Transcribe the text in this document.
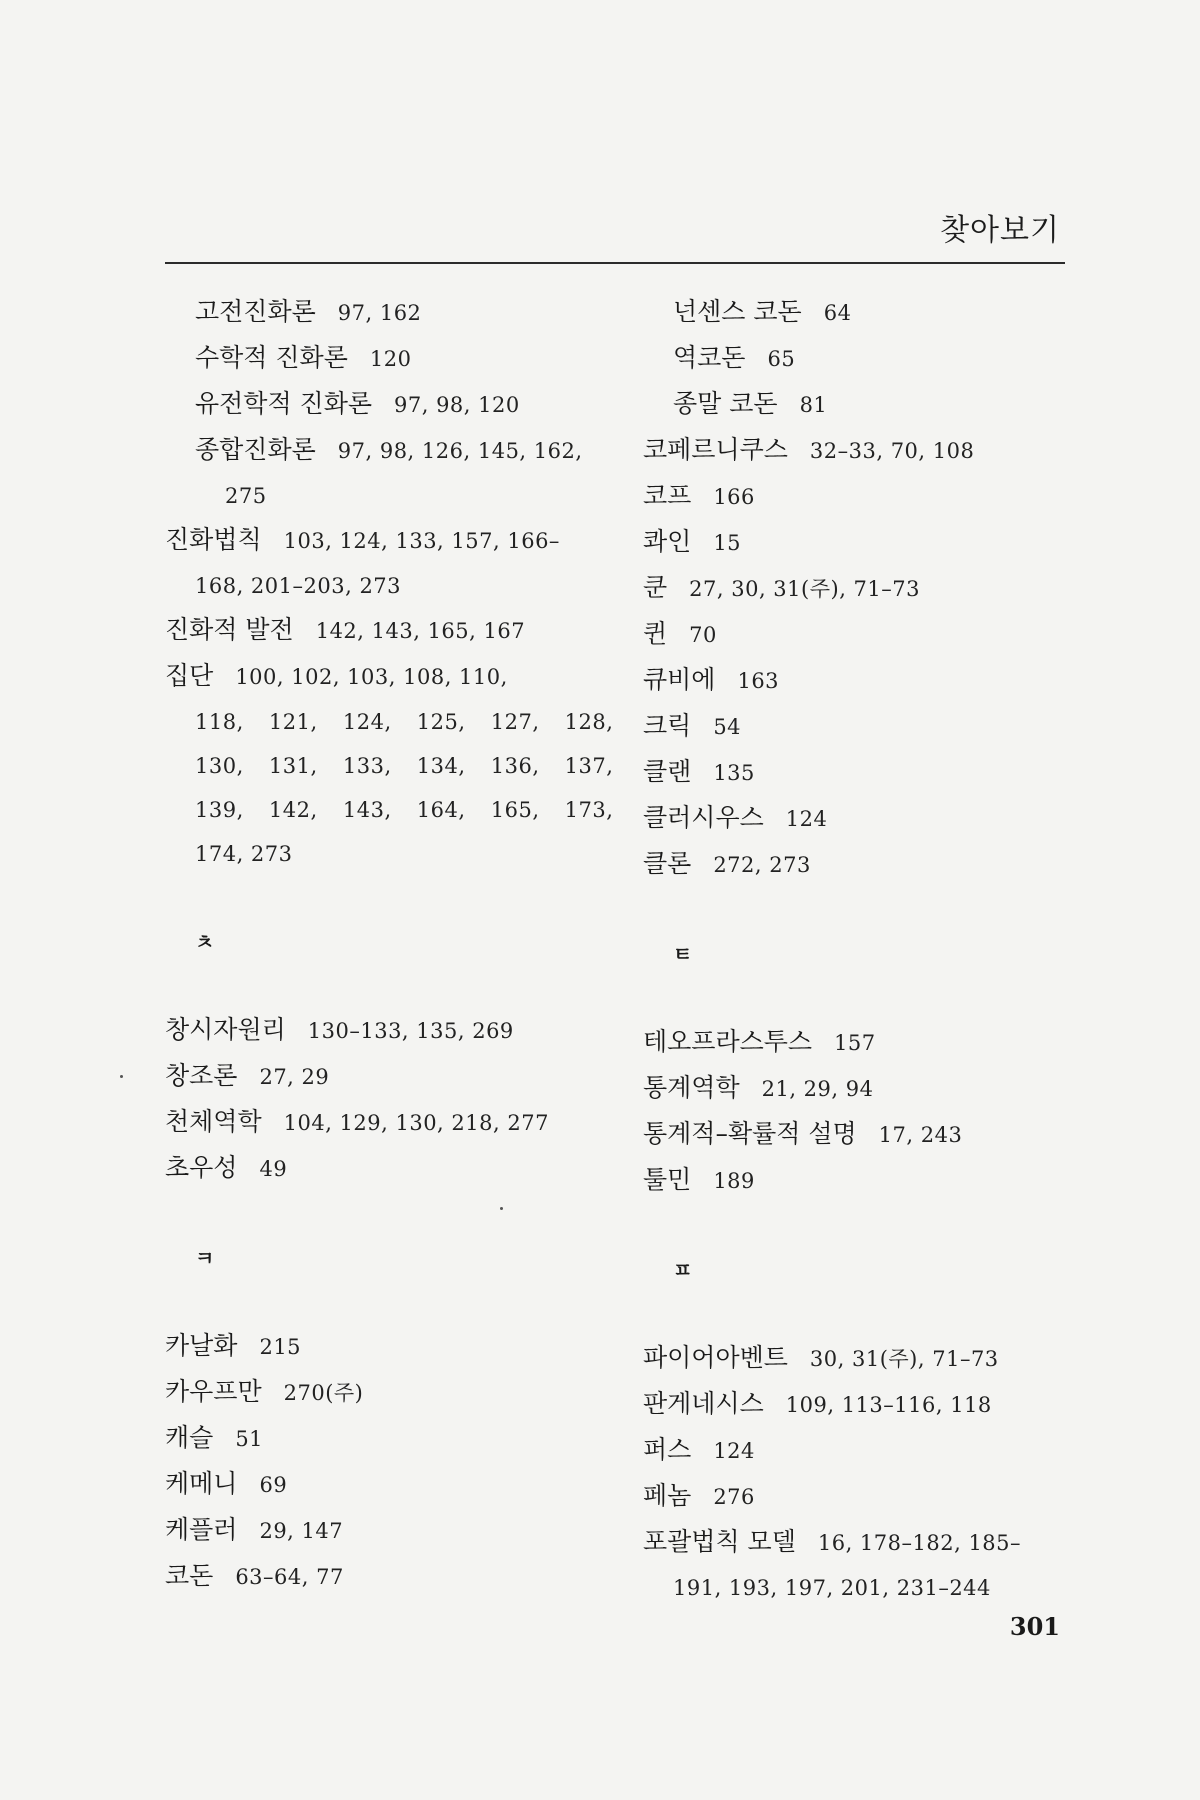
찾아보기
고전진화론 97, 162
수학적 진화론 120
유전학적 진화론 97, 98, 120
종합진화론 97, 98, 126, 145, 162,
275
진화법칙 103, 124, 133, 157, 166–
168, 201–203, 273
진화적 발전 142, 143, 165, 167
집단 100, 102, 103, 108, 110,
118, 121, 124, 125, 127, 128,
130, 131, 133, 134, 136, 137,
139, 142, 143, 164, 165, 173,
174, 273
ㅊ
창시자원리 130–133, 135, 269
창조론 27, 29
천체역학 104, 129, 130, 218, 277
초우성 49
ㅋ
카날화 215
카우프만 270(주)
캐슬 51
케메니 69
케플러 29, 147
코돈 63–64, 77
넌센스 코돈 64
역코돈 65
종말 코돈 81
코페르니쿠스 32–33, 70, 108
코프 166
콰인 15
쿤 27, 30, 31(주), 71–73
퀸 70
큐비에 163
크릭 54
클랜 135
클러시우스 124
클론 272, 273
ㅌ
테오프라스투스 157
통계역학 21, 29, 94
통계적–확률적 설명 17, 243
툴민 189
ㅍ
파이어아벤트 30, 31(주), 71–73
판게네시스 109, 113–116, 118
퍼스 124
페놈 276
포괄법칙 모델 16, 178–182, 185–
191, 193, 197, 201, 231–244
301
